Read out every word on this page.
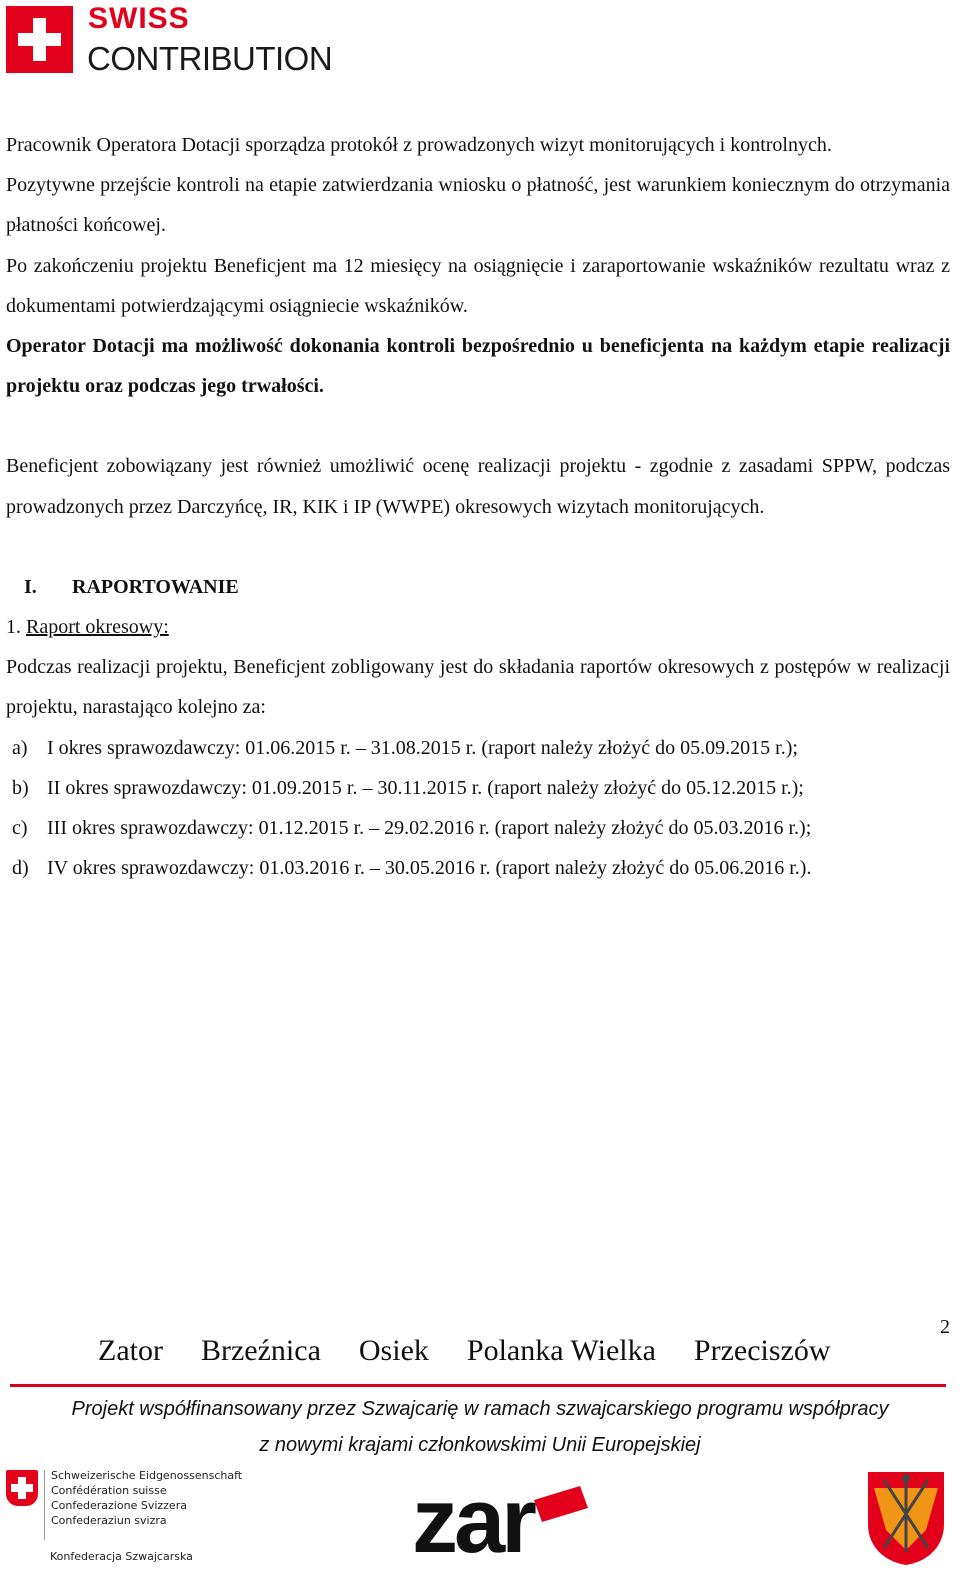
SWISS
CONTRIBUTION

Pracownik Operatora Dotacji sporządza protokół z prowadzonych wizyt monitorujących i kontrolnych.

Pozytywne przejście kontroli na etapie zatwierdzania wniosku o płatność, jest warunkiem koniecznym do otrzymania płatności końcowej.

Po zakończeniu projektu Beneficjent ma 12 miesięcy na osiągnięcie i zaraportowanie wskaźników rezultatu wraz z dokumentami potwierdzającymi osiągniecie wskaźników.

Operator Dotacji ma możliwość dokonania kontroli bezpośrednio u beneficjenta na każdym etapie realizacji projektu oraz podczas jego trwałości.

Beneficjent zobowiązany jest również umożliwić ocenę realizacji projektu - zgodnie z zasadami SPPW, podczas prowadzonych przez Darczyńcę, IR, KIK i IP (WWPE) okresowych wizytach monitorujących.

I.	RAPORTOWANIE
1. Raport okresowy:

Podczas realizacji projektu, Beneficjent zobligowany jest do składania raportów okresowych z postępów w realizacji projektu, narastająco kolejno za:

a) I okres sprawozdawczy: 01.06.2015 r. – 31.08.2015 r. (raport należy złożyć do 05.09.2015 r.);
b) II okres sprawozdawczy: 01.09.2015 r. – 30.11.2015 r. (raport należy złożyć do 05.12.2015 r.);
c) III okres sprawozdawczy: 01.12.2015 r. – 29.02.2016 r. (raport należy złożyć do 05.03.2016 r.);
d) IV okres sprawozdawczy: 01.03.2016 r. – 30.05.2016 r. (raport należy złożyć do 05.06.2016 r.).
2
Zator Brzeźnica Osiek Polanka Wielka Przeciszów
Projekt współfinansowany przez Szwajcarię w ramach szwajcarskiego programu współpracy
z nowymi krajami członkowskimi Unii Europejskiej
Schweizerische Eidgenossenschaft
Confédération suisse
Confederazione Svizzera
Confederaziun svizra
Konfederacja Szwajcarska zar
